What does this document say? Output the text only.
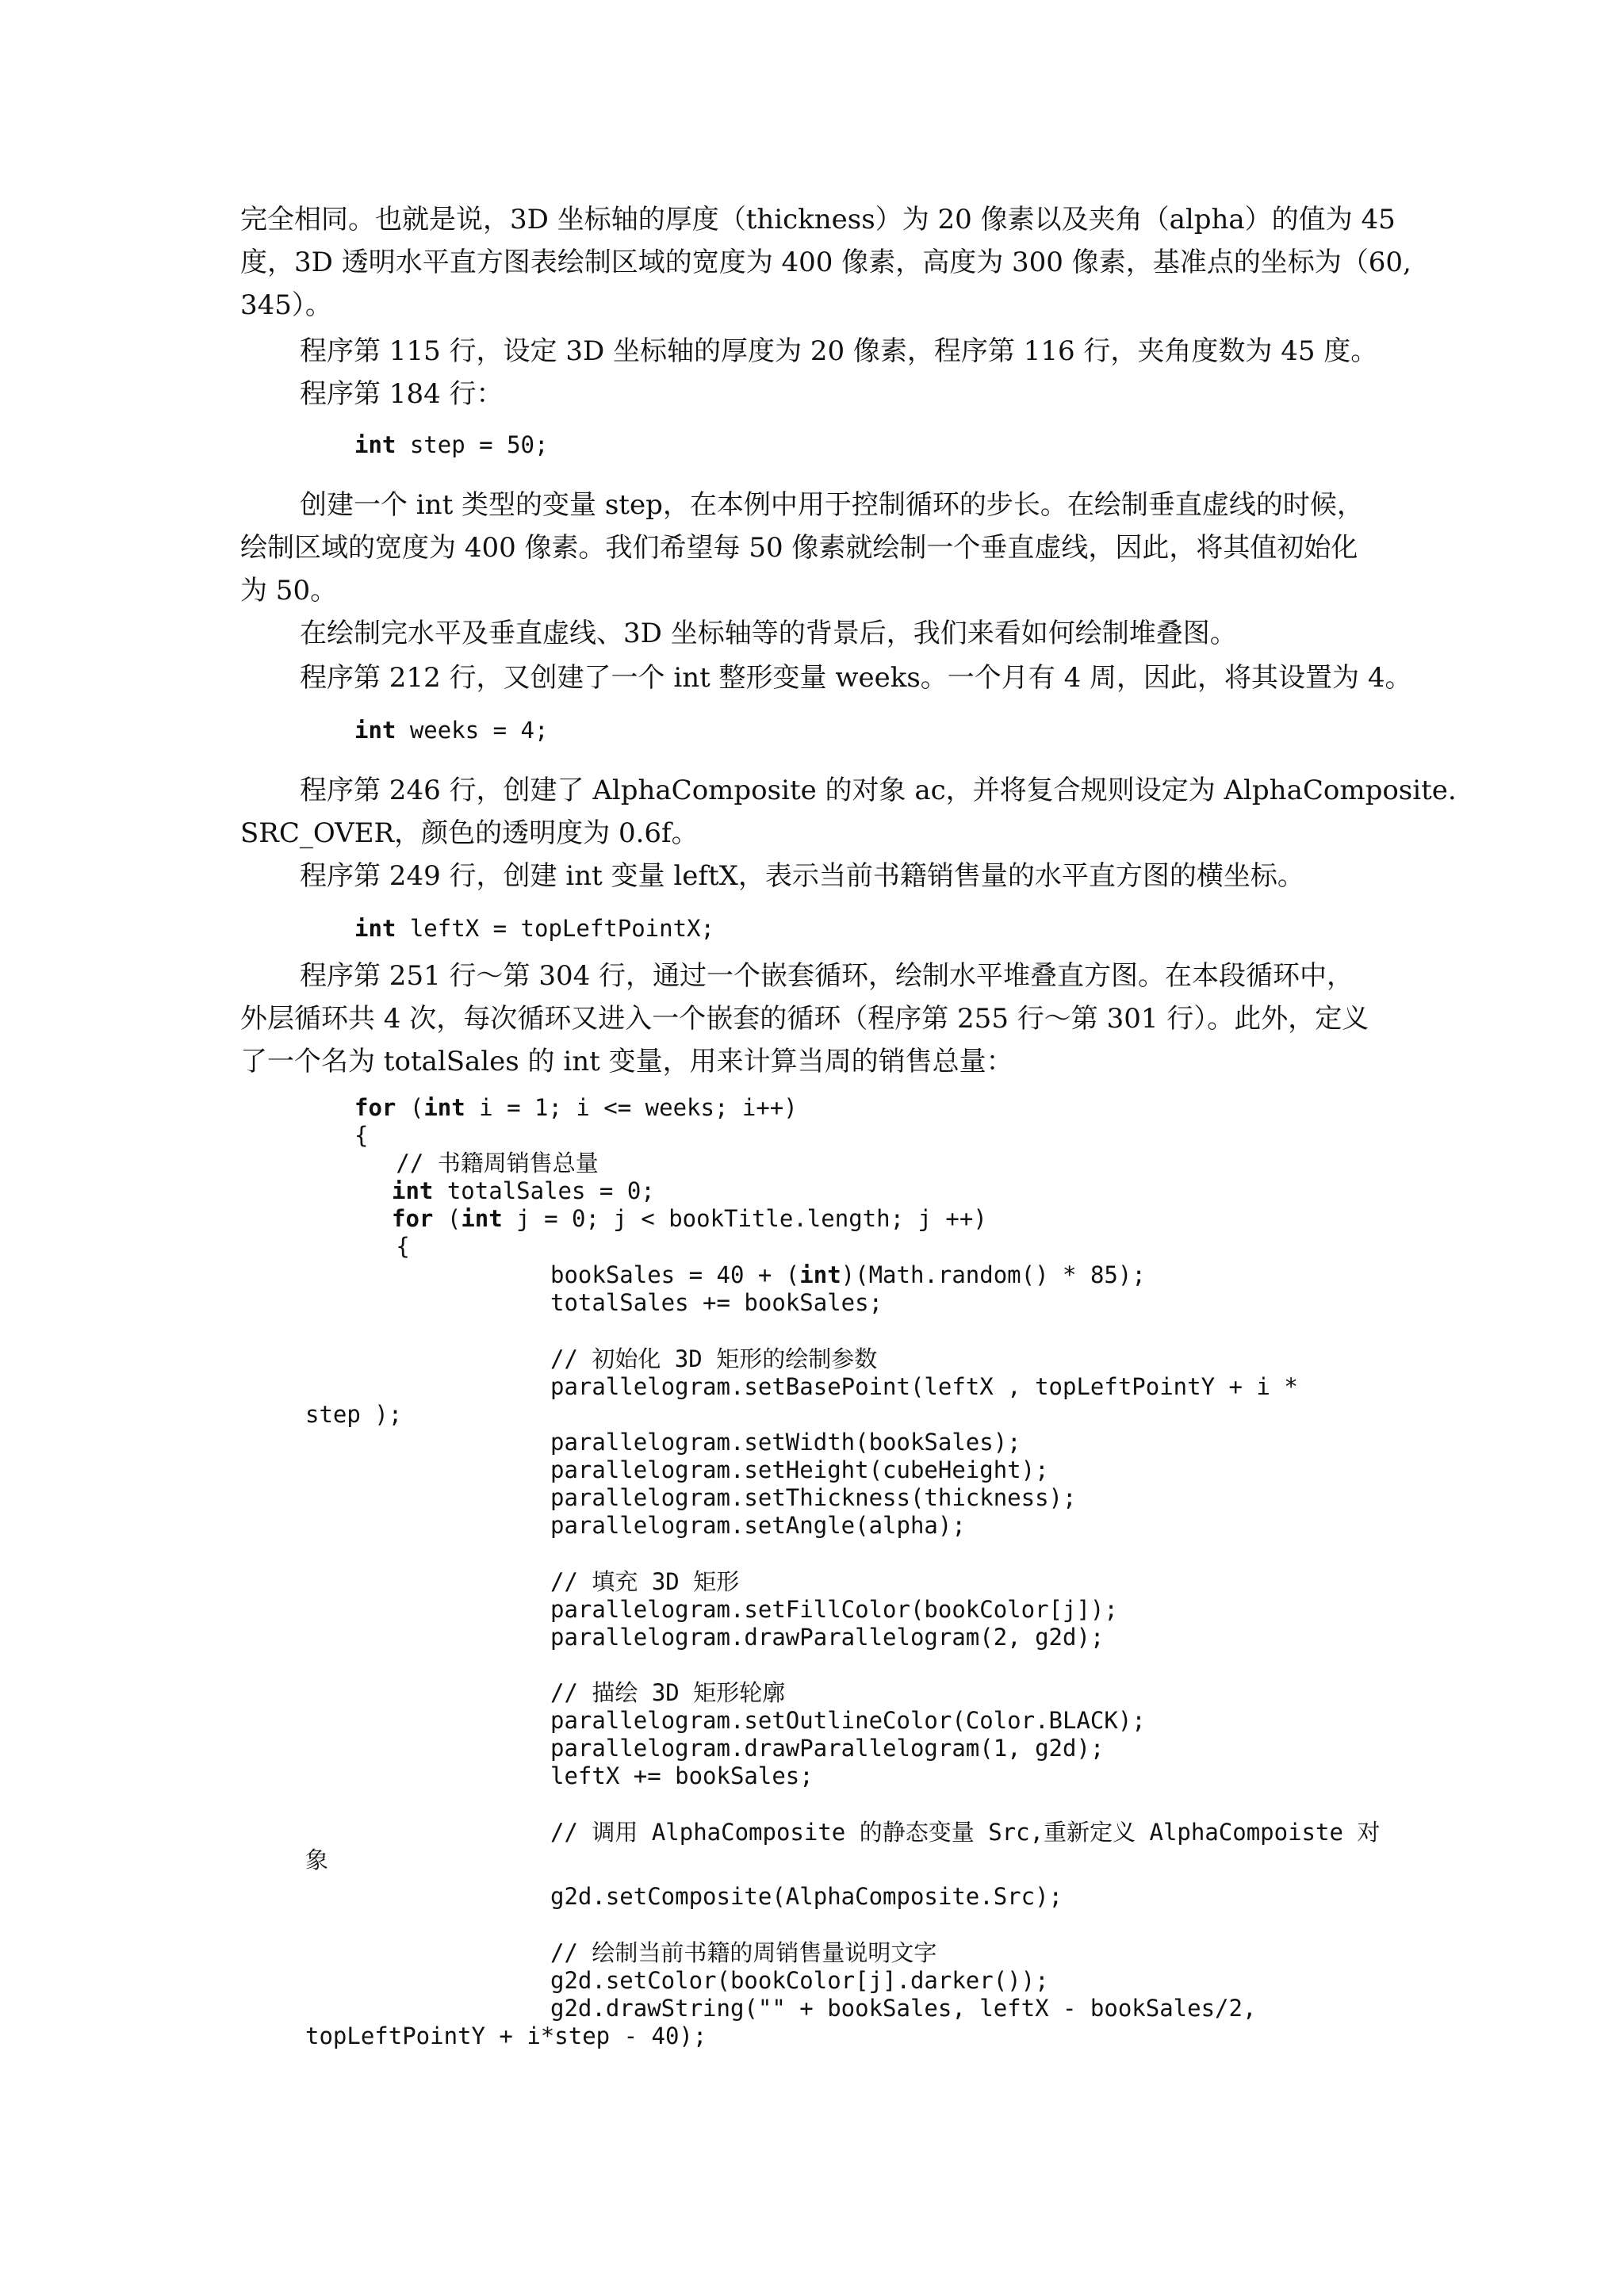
完全相同。也就是说，3D 坐标轴的厚度（thickness）为 20 像素以及夹角（alpha）的值为 45

度，3D 透明水平直方图表绘制区域的宽度为 400 像素，高度为 300 像素，基准点的坐标为（60,

345）。

程序第 115 行，设定 3D 坐标轴的厚度为 20 像素，程序第 116 行，夹角度数为 45 度。

程序第 184 行：

int step = 50;

创建一个 int 类型的变量 step，在本例中用于控制循环的步长。在绘制垂直虚线的时候，

绘制区域的宽度为 400 像素。我们希望每 50 像素就绘制一个垂直虚线，因此，将其值初始化

为 50。

在绘制完水平及垂直虚线、3D 坐标轴等的背景后，我们来看如何绘制堆叠图。

程序第 212 行，又创建了一个 int 整形变量 weeks。一个月有 4 周，因此，将其设置为 4。

int weeks = 4;

程序第 246 行，创建了 AlphaComposite 的对象 ac，并将复合规则设定为 AlphaComposite.

SRC_OVER，颜色的透明度为 0.6f。

程序第 249 行，创建 int 变量 leftX，表示当前书籍销售量的水平直方图的横坐标。

int leftX = topLeftPointX;

程序第 251 行～第 304 行，通过一个嵌套循环，绘制水平堆叠直方图。在本段循环中，

外层循环共 4 次，每次循环又进入一个嵌套的循环（程序第 255 行～第 301 行）。此外，定义

了一个名为 totalSales 的 int 变量，用来计算当周的销售总量：

for (int i = 1; i <= weeks; i++)
{
// 书籍周销售总量
int totalSales = 0;
for (int j = 0; j < bookTitle.length; j ++)
{
bookSales = 40 + (int)(Math.random() * 85);
totalSales += bookSales;
// 初始化 3D 矩形的绘制参数
parallelogram.setBasePoint(leftX , topLeftPointY + i *
step );
parallelogram.setWidth(bookSales);
parallelogram.setHeight(cubeHeight);
parallelogram.setThickness(thickness);
parallelogram.setAngle(alpha);
// 填充 3D 矩形
parallelogram.setFillColor(bookColor[j]);
parallelogram.drawParallelogram(2, g2d);
// 描绘 3D 矩形轮廓
parallelogram.setOutlineColor(Color.BLACK);
parallelogram.drawParallelogram(1, g2d);
leftX += bookSales;
// 调用 AlphaComposite 的静态变量 Src,重新定义 AlphaCompoiste 对
象
g2d.setComposite(AlphaComposite.Src);
// 绘制当前书籍的周销售量说明文字
g2d.setColor(bookColor[j].darker());
g2d.drawString("" + bookSales, leftX - bookSales/2,
topLeftPointY + i*step - 40);
